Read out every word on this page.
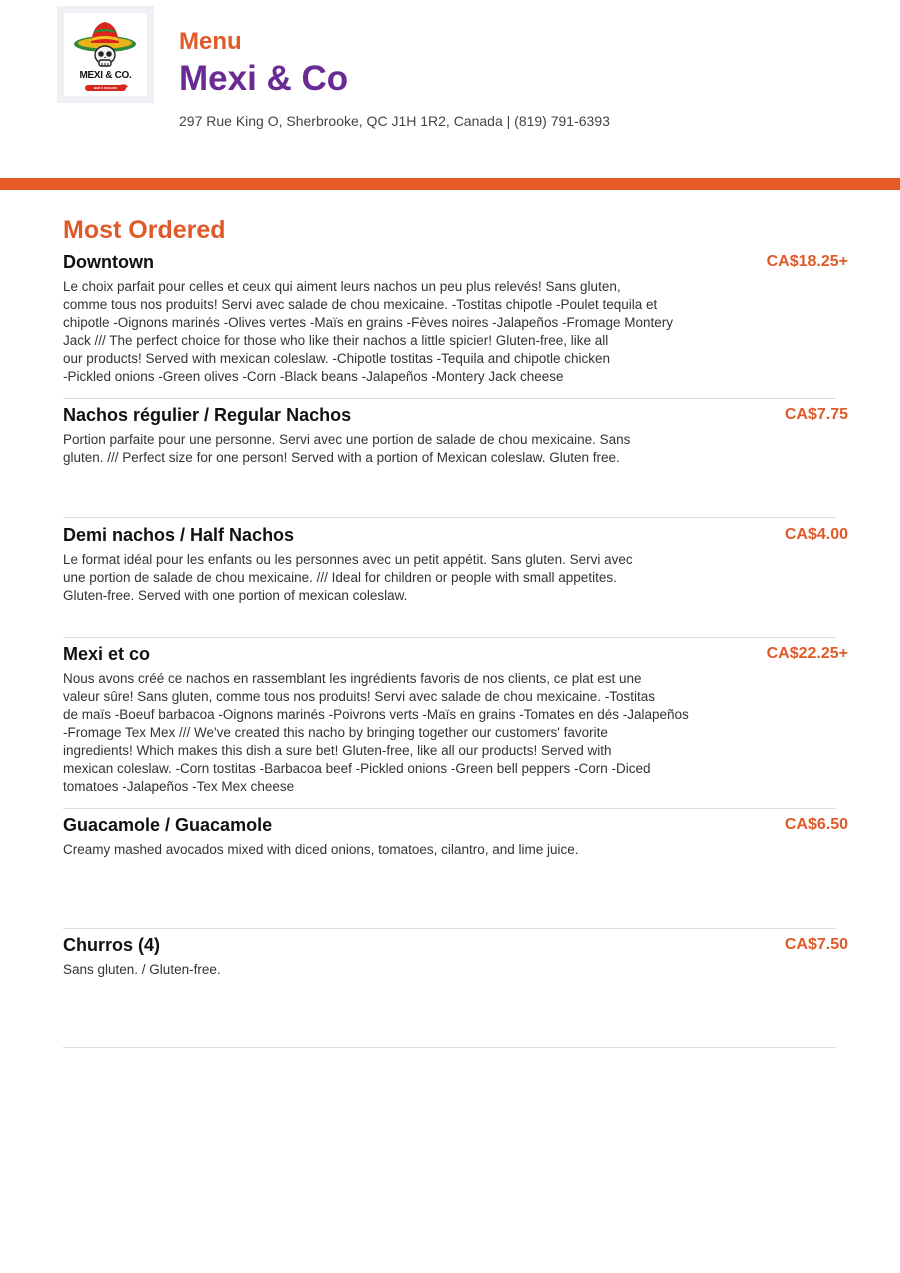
MEXI & CO.
BAR À NACHOS
Menu
Mexi & Co
297 Rue King O, Sherbrooke, QC J1H 1R2, Canada | (819) 791-6393
Most Ordered
Downtown	CA$18.25+
Le choix parfait pour celles et ceux qui aiment leurs nachos un peu plus relevés! Sans gluten,
comme tous nos produits! Servi avec salade de chou mexicaine. -Tostitas chipotle -Poulet tequila et
chipotle -Oignons marinés -Olives vertes -Maïs en grains -Fèves noires -Jalapeños -Fromage Montery
Jack /// The perfect choice for those who like their nachos a little spicier! Gluten-free, like all
our products! Served with mexican coleslaw. -Chipotle tostitas -Tequila and chipotle chicken
-Pickled onions -Green olives -Corn -Black beans -Jalapeños -Montery Jack cheese
Nachos régulier / Regular Nachos	CA$7.75
Portion parfaite pour une personne. Servi avec une portion de salade de chou mexicaine. Sans
gluten. /// Perfect size for one person! Served with a portion of Mexican coleslaw. Gluten free.
Demi nachos / Half Nachos	CA$4.00
Le format idéal pour les enfants ou les personnes avec un petit appétit. Sans gluten. Servi avec
une portion de salade de chou mexicaine. /// Ideal for children or people with small appetites.
Gluten-free. Served with one portion of mexican coleslaw.
Mexi et co	CA$22.25+
Nous avons créé ce nachos en rassemblant les ingrédients favoris de nos clients, ce plat est une
valeur sûre! Sans gluten, comme tous nos produits! Servi avec salade de chou mexicaine. -Tostitas
de maïs -Boeuf barbacoa -Oignons marinés -Poivrons verts -Maïs en grains -Tomates en dés -Jalapeños
-Fromage Tex Mex /// We've created this nacho by bringing together our customers' favorite
ingredients! Which makes this dish a sure bet! Gluten-free, like all our products! Served with
mexican coleslaw. -Corn tostitas -Barbacoa beef -Pickled onions -Green bell peppers -Corn -Diced
tomatoes -Jalapeños -Tex Mex cheese
Guacamole / Guacamole	CA$6.50
Creamy mashed avocados mixed with diced onions, tomatoes, cilantro, and lime juice.
Churros (4)	CA$7.50
Sans gluten. / Gluten-free.
